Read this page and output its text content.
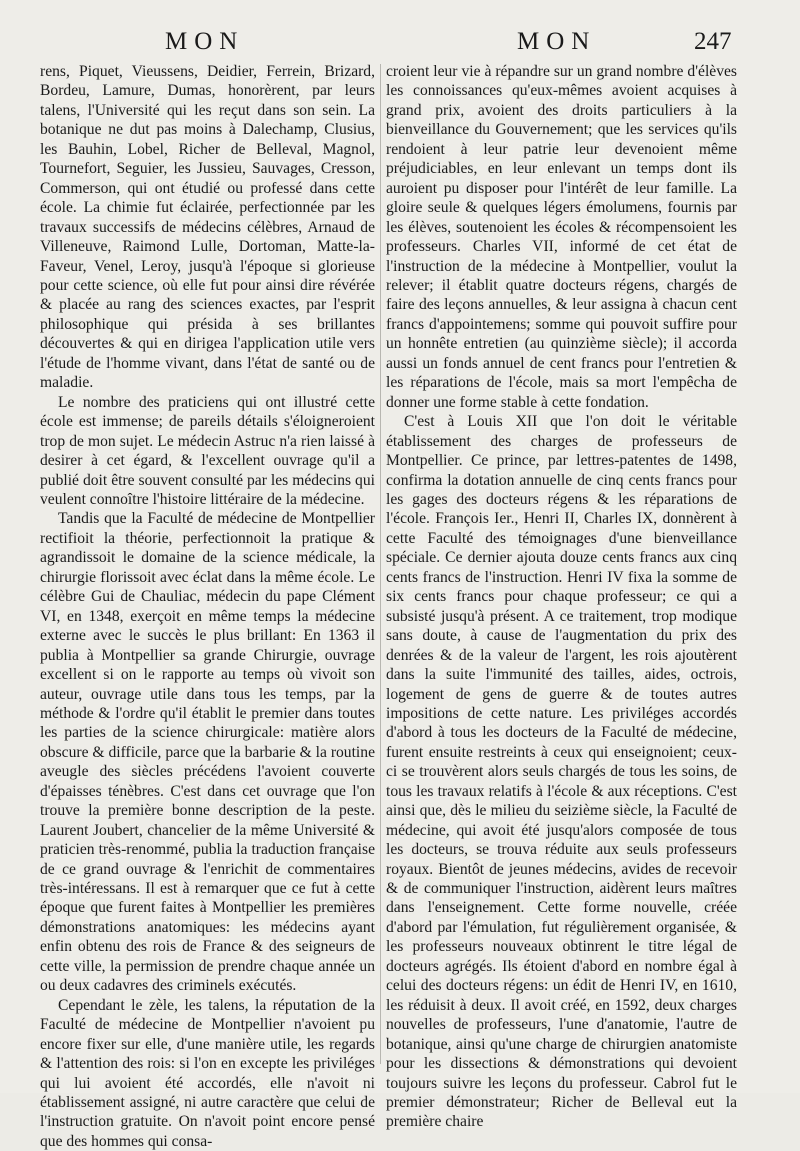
MON	MON	247

rens, Piquet, Vieussens, Deidier, Ferrein, Brizard, Bordeu, Lamure, Dumas, honorèrent, par leurs talens, l'Université qui les reçut dans son sein. La botanique ne dut pas moins à Dalechamp, Clusius, les Bauhin, Lobel, Richer de Belleval, Magnol, Tournefort, Seguier, les Jussieu, Sauvages, Cresson, Commerson, qui ont étudié ou professé dans cette école. La chimie fut éclairée, perfectionnée par les travaux successifs de médecins célèbres, Arnaud de Villeneuve, Raimond Lulle, Dortoman, Matte-la-Faveur, Venel, Leroy, jusqu'à l'époque si glorieuse pour cette science, où elle fut pour ainsi dire révérée & placée au rang des sciences exactes, par l'esprit philosophique qui présida à ses brillantes découvertes & qui en dirigea l'application utile vers l'étude de l'homme vivant, dans l'état de santé ou de maladie.

Le nombre des praticiens qui ont illustré cette école est immense; de pareils détails s'éloigneroient trop de mon sujet. Le médecin Astruc n'a rien laissé à desirer à cet égard, & l'excellent ouvrage qu'il a publié doit être souvent consulté par les médecins qui veulent connoître l'histoire littéraire de la médecine.

Tandis que la Faculté de médecine de Montpellier rectifioit la théorie, perfectionnoit la pratique & agrandissoit le domaine de la science médicale, la chirurgie florissoit avec éclat dans la même école. Le célèbre Gui de Chauliac, médecin du pape Clément VI, en 1348, exerçoit en même temps la médecine externe avec le succès le plus brillant: En 1363 il publia à Montpellier sa grande Chirurgie, ouvrage excellent si on le rapporte au temps où vivoit son auteur, ouvrage utile dans tous les temps, par la méthode & l'ordre qu'il établit le premier dans toutes les parties de la science chirurgicale: matière alors obscure & difficile, parce que la barbarie & la routine aveugle des siècles précédens l'avoient couverte d'épaisses ténèbres. C'est dans cet ouvrage que l'on trouve la première bonne description de la peste. Laurent Joubert, chancelier de la même Université & praticien très-renommé, publia la traduction française de ce grand ouvrage & l'enrichit de commentaires très-intéressans. Il est à remarquer que ce fut à cette époque que furent faites à Montpellier les premières démonstrations anatomiques: les médecins ayant enfin obtenu des rois de France & des seigneurs de cette ville, la permission de prendre chaque année un ou deux cadavres des criminels exécutés.

Cependant le zèle, les talens, la réputation de la Faculté de médecine de Montpellier n'avoient pu encore fixer sur elle, d'une manière utile, les regards & l'attention des rois: si l'on en excepte les priviléges qui lui avoient été accordés, elle n'avoit ni établissement assigné, ni autre caractère que celui de l'instruction gratuite. On n'avoit point encore pensé que des hommes qui consa-

croient leur vie à répandre sur un grand nombre d'élèves les connoissances qu'eux-mêmes avoient acquises à grand prix, avoient des droits particuliers à la bienveillance du Gouvernement; que les services qu'ils rendoient à leur patrie leur devenoient même préjudiciables, en leur enlevant un temps dont ils auroient pu disposer pour l'intérêt de leur famille. La gloire seule & quelques légers émolumens, fournis par les élèves, soutenoient les écoles & récompensoient les professeurs. Charles VII, informé de cet état de l'instruction de la médecine à Montpellier, voulut la relever; il établit quatre docteurs régens, chargés de faire des leçons annuelles, & leur assigna à chacun cent francs d'appointemens; somme qui pouvoit suffire pour un honnête entretien (au quinzième siècle); il accorda aussi un fonds annuel de cent francs pour l'entretien & les réparations de l'école, mais sa mort l'empêcha de donner une forme stable à cette fondation.

C'est à Louis XII que l'on doit le véritable établissement des charges de professeurs de Montpellier. Ce prince, par lettres-patentes de 1498, confirma la dotation annuelle de cinq cents francs pour les gages des docteurs régens & les réparations de l'école. François Ier., Henri II, Charles IX, donnèrent à cette Faculté des témoignages d'une bienveillance spéciale. Ce dernier ajouta douze cents francs aux cinq cents francs de l'instruction. Henri IV fixa la somme de six cents francs pour chaque professeur; ce qui a subsisté jusqu'à présent. A ce traitement, trop modique sans doute, à cause de l'augmentation du prix des denrées & de la valeur de l'argent, les rois ajoutèrent dans la suite l'immunité des tailles, aides, octrois, logement de gens de guerre & de toutes autres impositions de cette nature. Les priviléges accordés d'abord à tous les docteurs de la Faculté de médecine, furent ensuite restreints à ceux qui enseignoient; ceux-ci se trouvèrent alors seuls chargés de tous les soins, de tous les travaux relatifs à l'école & aux réceptions. C'est ainsi que, dès le milieu du seizième siècle, la Faculté de médecine, qui avoit été jusqu'alors composée de tous les docteurs, se trouva réduite aux seuls professeurs royaux. Bientôt de jeunes médecins, avides de recevoir & de communiquer l'instruction, aidèrent leurs maîtres dans l'enseignement. Cette forme nouvelle, créée d'abord par l'émulation, fut régulièrement organisée, & les professeurs nouveaux obtinrent le titre légal de docteurs agrégés. Ils étoient d'abord en nombre égal à celui des docteurs régens: un édit de Henri IV, en 1610, les réduisit à deux. Il avoit créé, en 1592, deux charges nouvelles de professeurs, l'une d'anatomie, l'autre de botanique, ainsi qu'une charge de chirurgien anatomiste pour les dissections & démonstrations qui devoient toujours suivre les leçons du professeur. Cabrol fut le premier démonstrateur; Richer de Belleval eut la première chaire
